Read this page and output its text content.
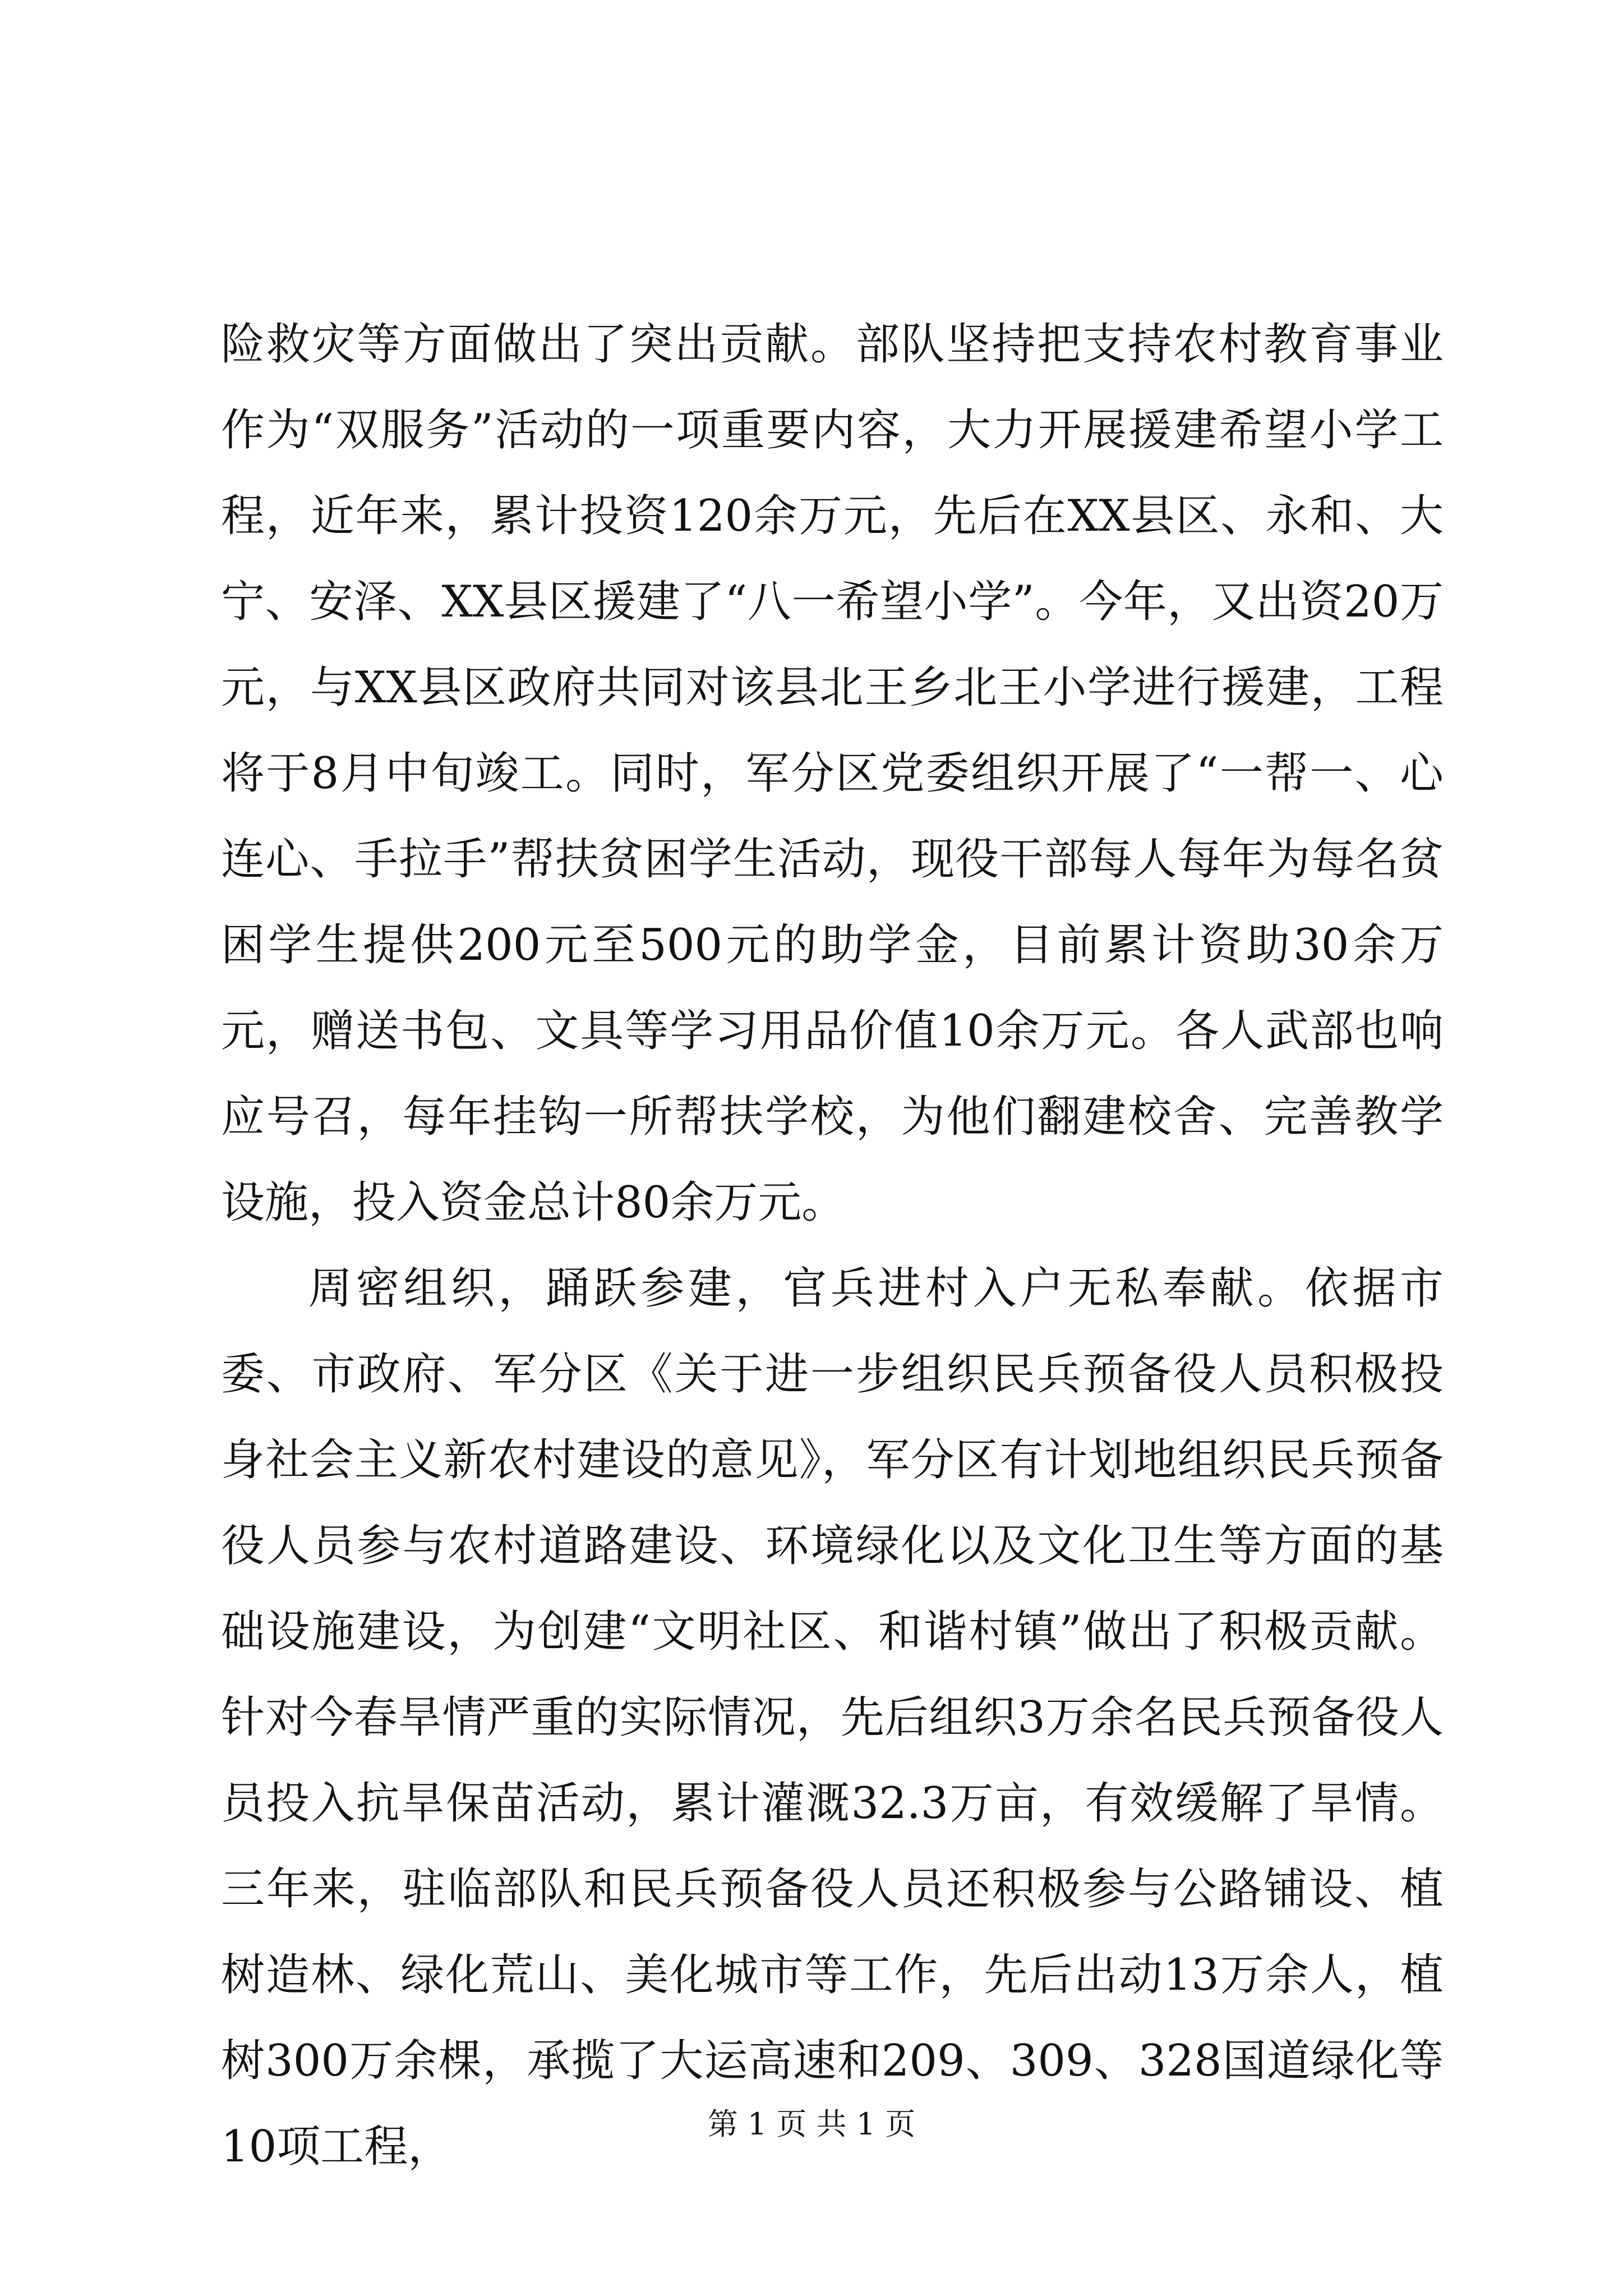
险救灾等方面做出了突出贡献。部队坚持把支持农村教育事业作为“双服务”活动的一项重要内容，大力开展援建希望小学工程，近年来，累计投资120余万元，先后在XX县区、永和、大宁、安泽、XX县区援建了“八一希望小学”。今年，又出资20万元，与XX县区政府共同对该县北王乡北王小学进行援建，工程将于8月中旬竣工。同时，军分区党委组织开展了“一帮一、心连心、手拉手”帮扶贫困学生活动，现役干部每人每年为每名贫困学生提供200元至500元的助学金，目前累计资助30余万元，赠送书包、文具等学习用品价值10余万元。各人武部也响应号召，每年挂钩一所帮扶学校，为他们翻建校舍、完善教学设施，投入资金总计80余万元。

周密组织，踊跃参建，官兵进村入户无私奉献。依据市委、市政府、军分区《关于进一步组织民兵预备役人员积极投身社会主义新农村建设的意见》，军分区有计划地组织民兵预备役人员参与农村道路建设、环境绿化以及文化卫生等方面的基础设施建设，为创建“文明社区、和谐村镇”做出了积极贡献。针对今春旱情严重的实际情况，先后组织3万余名民兵预备役人员投入抗旱保苗活动，累计灌溉32.3万亩，有效缓解了旱情。三年来，驻临部队和民兵预备役人员还积极参与公路铺设、植树造林、绿化荒山、美化城市等工作，先后出动13万余人，植树300万余棵，承揽了大运高速和209、309、328国道绿化等10项工程，	第 1 页 共 1 页
